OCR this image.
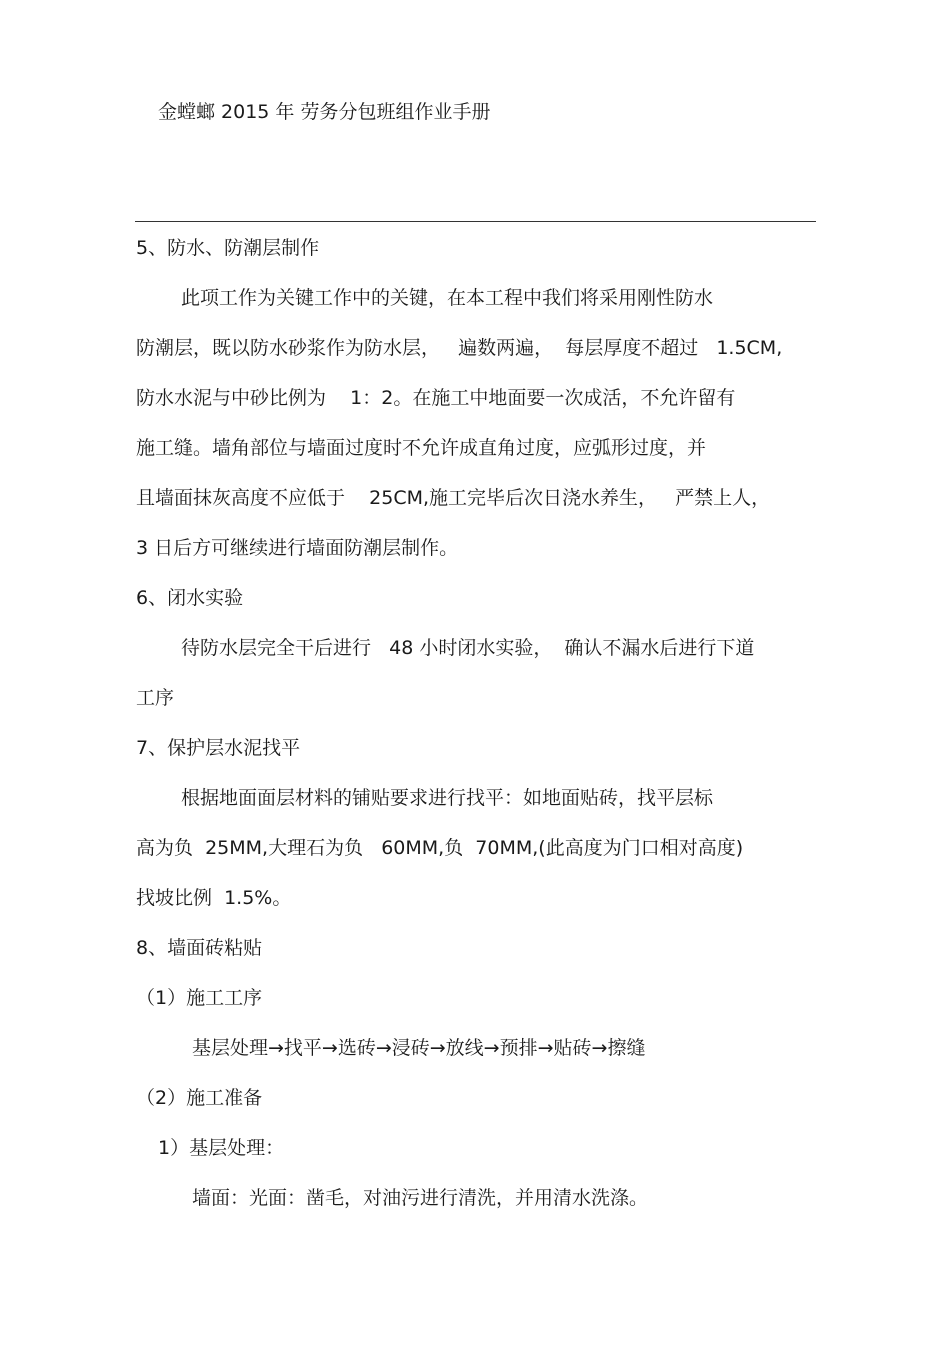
金螳螂 2015 年 劳务分包班组作业手册

5、防水、防潮层制作

此项工作为关键工作中的关键，在本工程中我们将采用刚性防水

防潮层，既以防水砂浆作为防水层，   遍数两遍，  每层厚度不超过   1.5CM,

防水水泥与中砂比例为    1：2。在施工中地面要一次成活，不允许留有

施工缝。墙角部位与墙面过度时不允许成直角过度，应弧形过度，并

且墙面抹灰高度不应低于    25CM,施工完毕后次日浇水养生，   严禁上人，

3 日后方可继续进行墙面防潮层制作。

6、闭水实验

待防水层完全干后进行   48 小时闭水实验，  确认不漏水后进行下道

工序

7、保护层水泥找平

根据地面面层材料的铺贴要求进行找平：如地面贴砖，找平层标

高为负  25MM,大理石为负   60MM,负  70MM,(此高度为门口相对高度)

找坡比例  1.5%。

8、墙面砖粘贴

（1）施工工序

基层处理→找平→选砖→浸砖→放线→预排→贴砖→擦缝

（2）施工准备

1）基层处理：

墙面：光面：凿毛，对油污进行清洗，并用清水洗涤。
